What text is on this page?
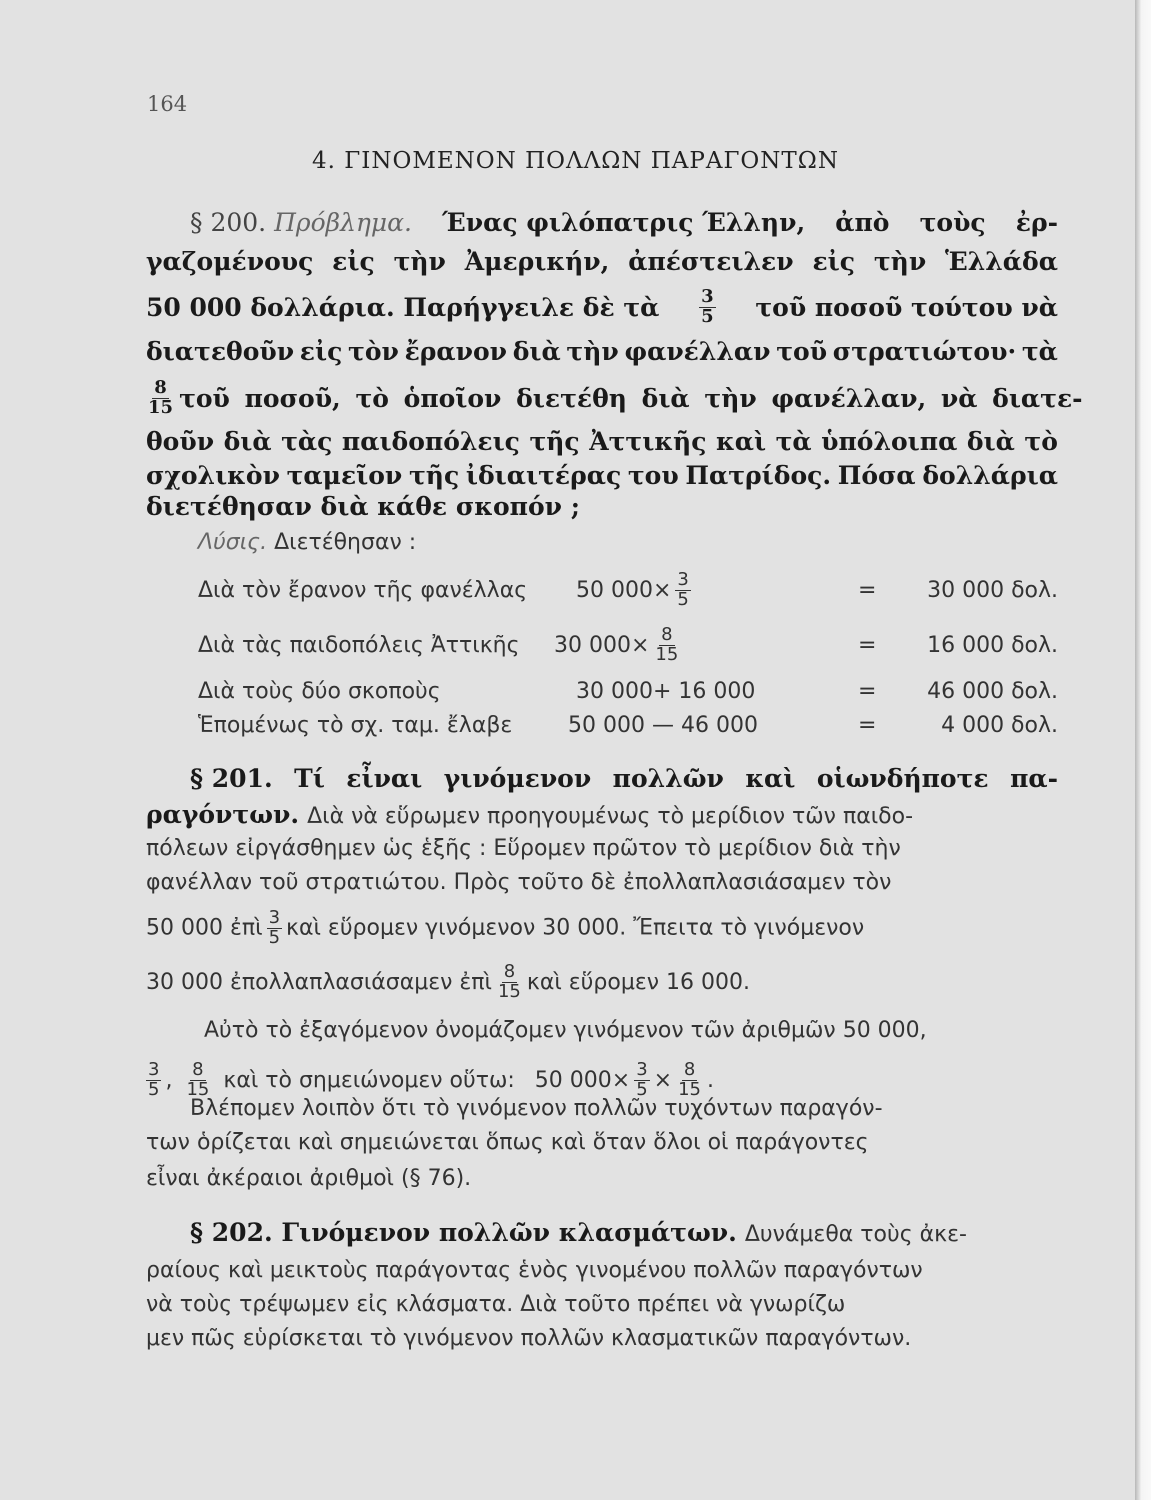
164
4. ΓΙΝΟΜΕΝΟΝ ΠΟΛΛΩΝ ΠΑΡΑΓΟΝΤΩΝ
§ 200. Πρόβλημα. Ένας φιλόπατρις Έλλην, ἀπὸ τοὺς ἐρ-
γαζομένους εἰς τὴν Ἀμερικήν, ἀπέστειλεν εἰς τὴν Ἑλλάδα
50 000 δολλάρια. Παρήγγειλε δὲ τὰ $\frac{3}{5}$ τοῦ ποσοῦ τούτου νὰ
διατεθοῦν εἰς τὸν ἔρανον διὰ τὴν φανέλλαν τοῦ στρατιώτου· τὰ
$\frac{8}{15}$ τοῦ ποσοῦ, τὸ ὁποῖον διετέθη διὰ τὴν φανέλλαν, νὰ διατε-
θοῦν διὰ τὰς παιδοπόλεις τῆς Ἀττικῆς καὶ τὰ ὑπόλοιπα διὰ τὸ
σχολικὸν ταμεῖον τῆς ἰδιαιτέρας του Πατρίδος. Πόσα δολλάρια
διετέθησαν διὰ κάθε σκοπόν ;
Λύσις. Διετέθησαν :
Διὰ τὸν ἔρανον τῆς φανέλλας 50 $000\times \frac{3}{5}$	= 30 000 δολ.
Διὰ τὰς παιδοπόλεις Ἀττικῆς 30 $000\times \frac{8}{15}$	= 16 000 δολ.
Διὰ τοὺς δύο σκοποὺς	30 000+ 16 000	= 46 000 δολ.
Ἑπομένως τὸ σχ. ταμ. ἔλαβε	50 000 — 46 000	=	4 000 δολ.
§ 201. Τί εἶναι γινόμενον πολλῶν καὶ οἱωνδήποτε πα-
ραγόντων. Διὰ νὰ εὕρωμεν προηγουμένως τὸ μερίδιον τῶν παιδο-
πόλεων εἰργάσθημεν ὡς ἑξῆς : Εὕρομεν πρῶτον τὸ μερίδιον διὰ τὴν
φανέλλαν τοῦ στρατιώτου. Πρὸς τοῦτο δὲ ἐπολλαπλασιάσαμεν τὸν
50 000 ἐπὶ $\frac{3}{5}$ καὶ εὕρομεν γινόμενον 30 000. Ἔπειτα τὸ γινόμενον
30 000 ἐπολλαπλασιάσαμεν ἐπὶ $\frac{8}{15}$ καὶ εὕρομεν 16 000.
Αὐτὸ τὸ ἐξαγόμενον ὀνομάζομεν γινόμενον τῶν ἀριθμῶν 50 000,
$\frac{3}{5}$ , $\frac{8}{15}$ καὶ τὸ σημειώνομεν οὕτω: 50 $000\times \frac{3}{5} \times \frac{8}{15}$ .
Βλέπομεν λοιπὸν ὅτι τὸ γινόμενον πολλῶν τυχόντων παραγόν-
των ὁρίζεται καὶ σημειώνεται ὅπως καὶ ὅταν ὅλοι οἱ παράγοντες
εἶναι ἀκέραιοι ἀριθμοὶ (§ 76).
§ 202. Γινόμενον πολλῶν κλασμάτων. Δυνάμεθα τοὺς ἀκε-
ραίους καὶ μεικτοὺς παράγοντας ἑνὸς γινομένου πολλῶν παραγόντων
νὰ τοὺς τρέψωμεν εἰς κλάσματα. Διὰ τοῦτο πρέπει νὰ γνωρίζω
μεν πῶς εὑρίσκεται τὸ γινόμενον πολλῶν κλασματικῶν παραγόντων.
